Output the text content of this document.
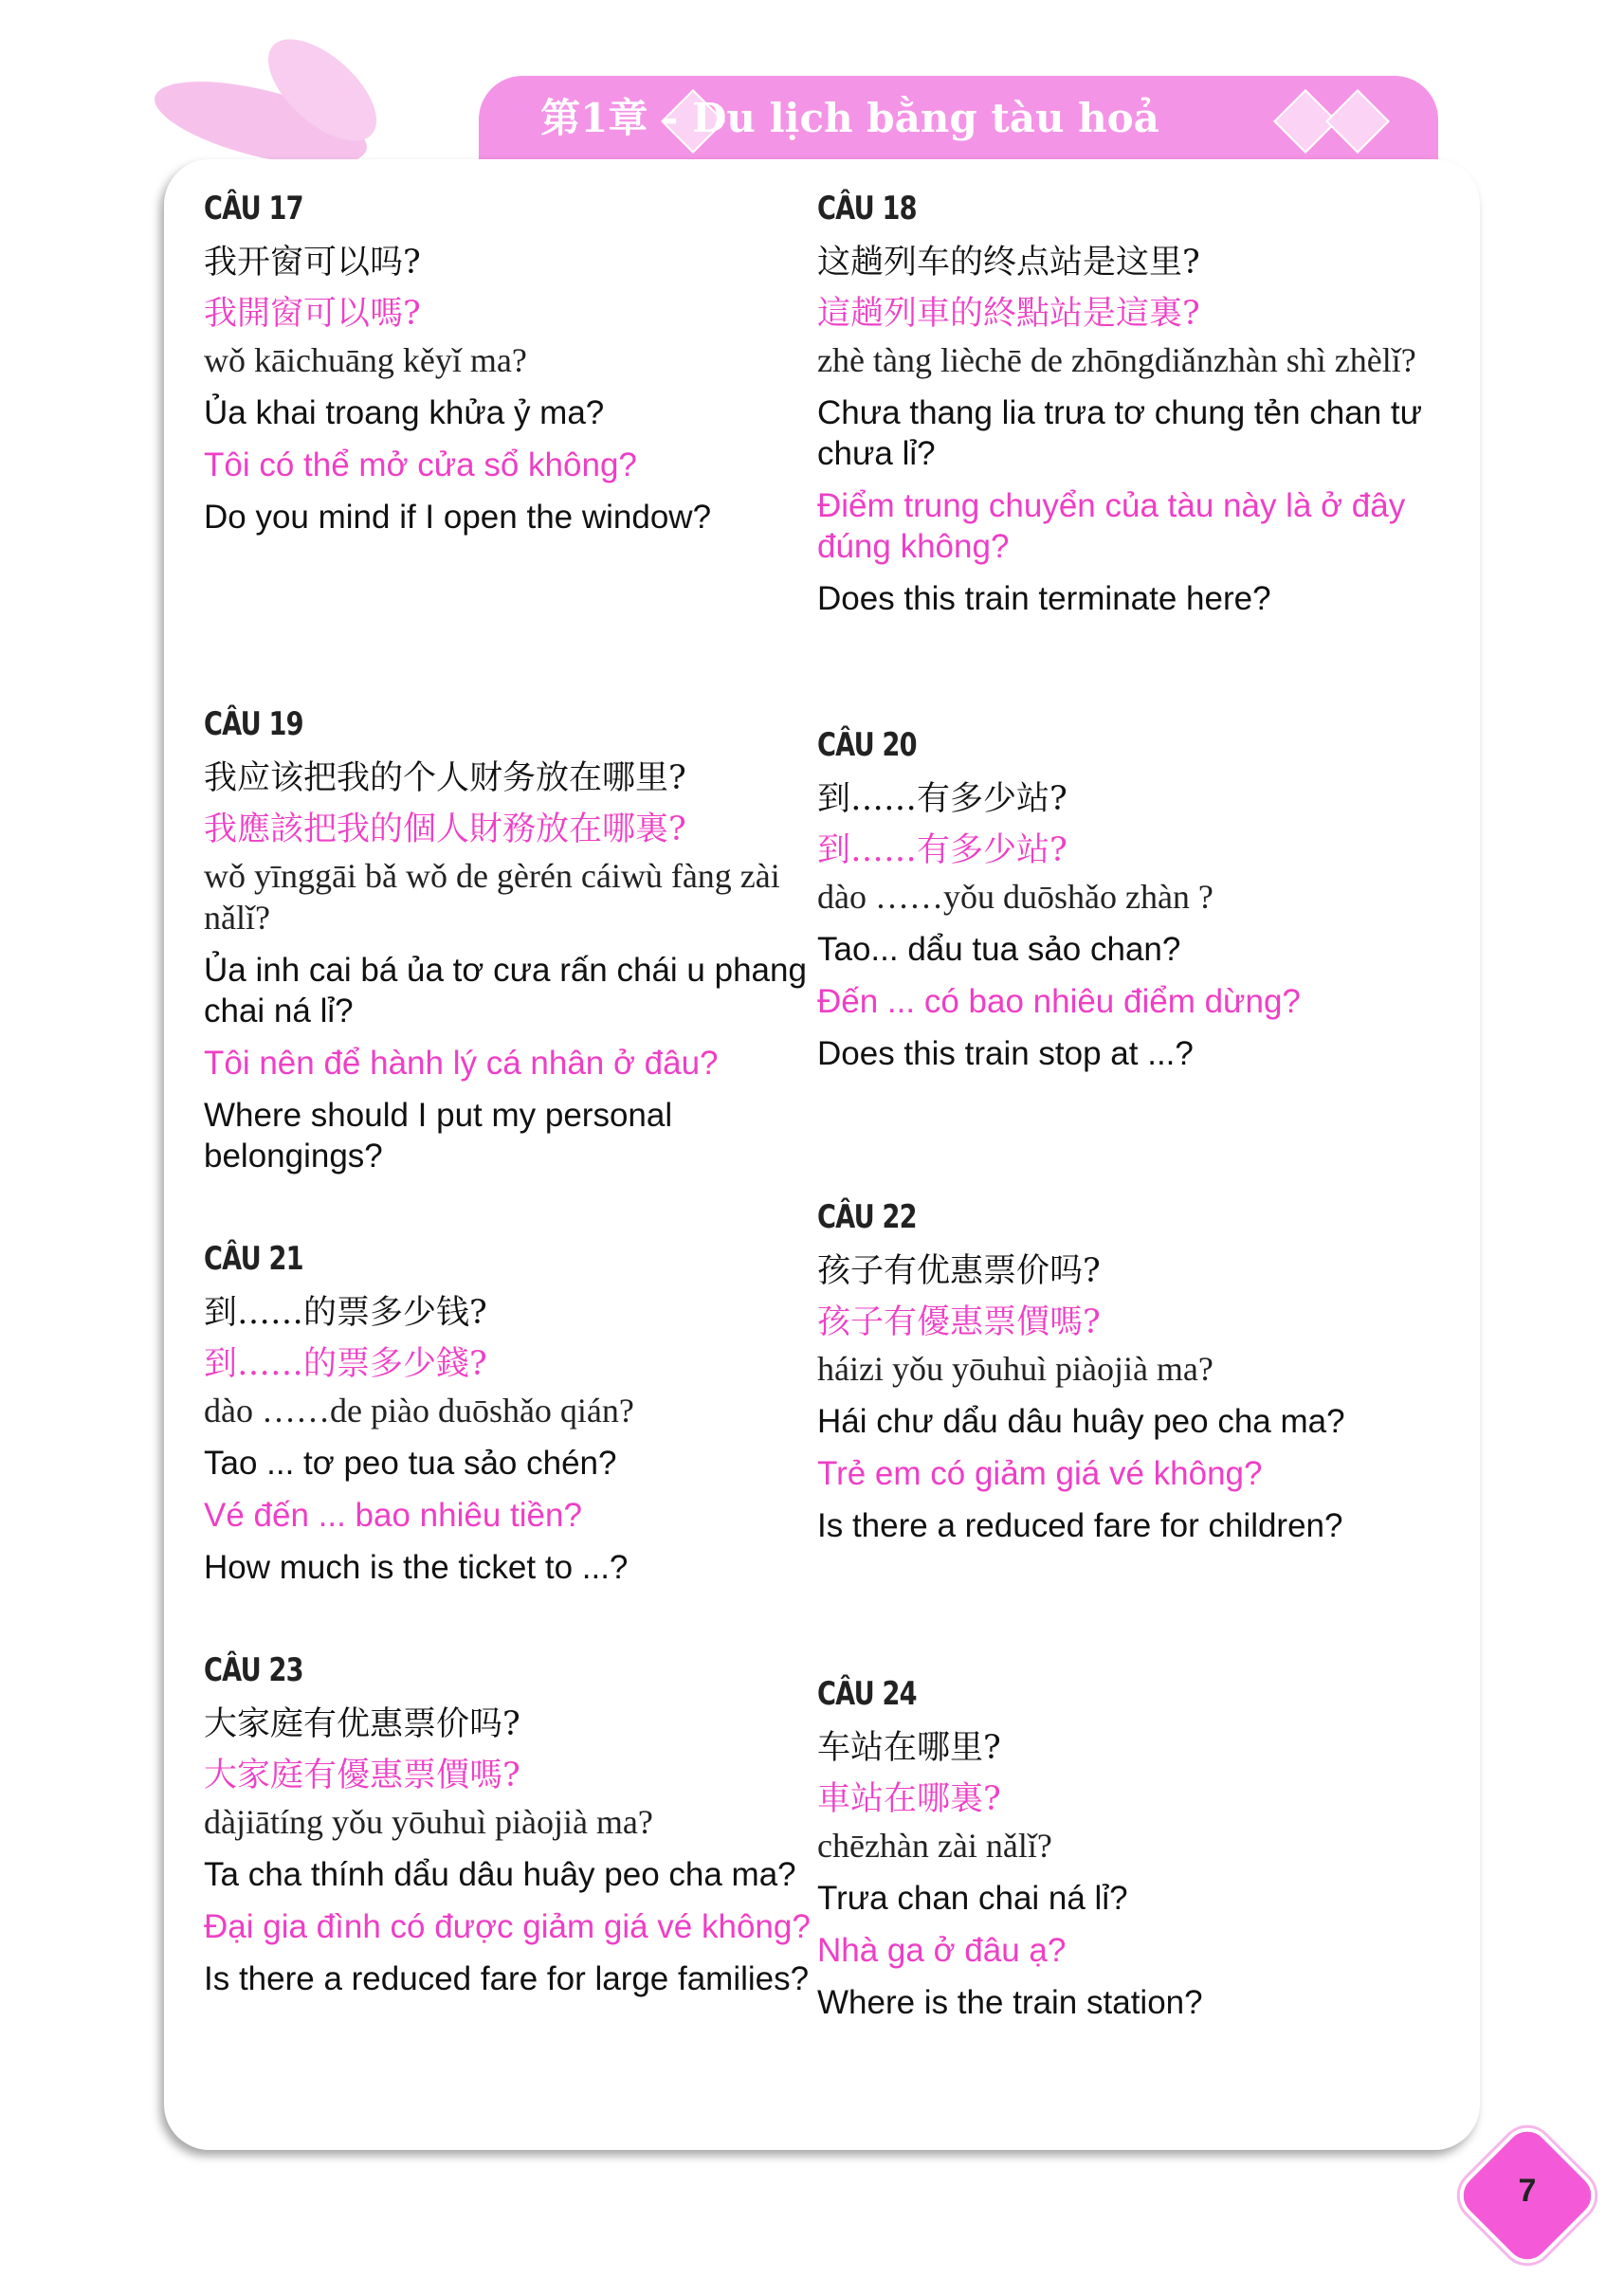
第1章 - Du lịch bằng tàu hoả
CÂU 17
我开窗可以吗?
我開窗可以嗎?
wǒ kāichuāng kěyǐ ma?
Ủa khai troang khửa ỷ ma?
Tôi có thể mở cửa sổ không?
Do you mind if I open the window?
CÂU 19
我应该把我的个人财务放在哪里?
我應該把我的個人財務放在哪裏?
wǒ yīnggāi bǎ wǒ de gèrén cáiwù fàng zài nǎlǐ?
Ủa inh cai bá ủa tơ cưa rấn chái u phang chai ná lỉ?
Tôi nên để hành lý cá nhân ở đâu?
Where should I put my personal belongings?
CÂU 21
到……的票多少钱?
到……的票多少錢?
dào ……de piào duōshǎo qián?
Tao ... tơ peo tua sảo chén?
Vé đến ... bao nhiêu tiền?
How much is the ticket to ...?
CÂU 23
大家庭有优惠票价吗?
大家庭有優惠票價嗎?
dàjiātíng yǒu yōuhuì piàojià ma?
Ta cha thính dẩu dâu huây peo cha ma?
Đại gia đình có được giảm giá vé không?
Is there a reduced fare for large families?
CÂU 18
这趟列车的终点站是这里?
這趟列車的終點站是這裏?
zhè tàng lièchē de zhōngdiǎnzhàn shì zhèlǐ?
Chưa thang lia trưa tơ chung tẻn chan tư chưa lỉ?
Điểm trung chuyển của tàu này là ở đây đúng không?
Does this train terminate here?
CÂU 20
到……有多少站?
到……有多少站?
dào ……yǒu duōshǎo zhàn ?
Tao... dẩu tua sảo chan?
Đến ... có bao nhiêu điểm dừng?
Does this train stop at ...?
CÂU 22
孩子有优惠票价吗?
孩子有優惠票價嗎?
háizi yǒu yōuhuì piàojià ma?
Hái chư dẩu dâu huây peo cha ma?
Trẻ em có giảm giá vé không?
Is there a reduced fare for children?
CÂU 24
车站在哪里?
車站在哪裏?
chēzhàn zài nǎlǐ?
Trưa chan chai ná lỉ?
Nhà ga ở đâu ạ?
Where is the train station?
7
